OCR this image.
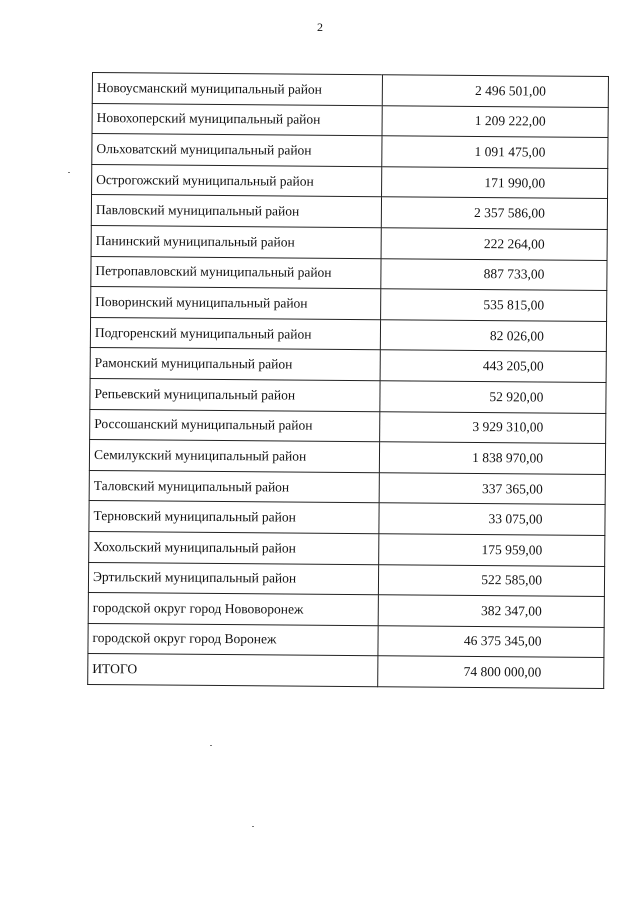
2
Новоусманский муниципальный район	2 496 501,00
Новохоперский муниципальный район	1 209 222,00
Ольховатский муниципальный район	1 091 475,00
Острогожский муниципальный район	171 990,00
Павловский муниципальный район	2 357 586,00
Панинский муниципальный район	222 264,00
Петропавловский муниципальный район	887 733,00
Поворинский муниципальный район	535 815,00
Подгоренский муниципальный район	82 026,00
Рамонский муниципальный район	443 205,00
Репьевский муниципальный район	52 920,00
Россошанский муниципальный район	3 929 310,00
Семилукский муниципальный район	1 838 970,00
Таловский муниципальный район	337 365,00
Терновский муниципальный район	33 075,00
Хохольский муниципальный район	175 959,00
Эртильский муниципальный район	522 585,00
городской округ город Нововоронеж	382 347,00
городской округ город Воронеж	46 375 345,00
ИТОГО	74 800 000,00
